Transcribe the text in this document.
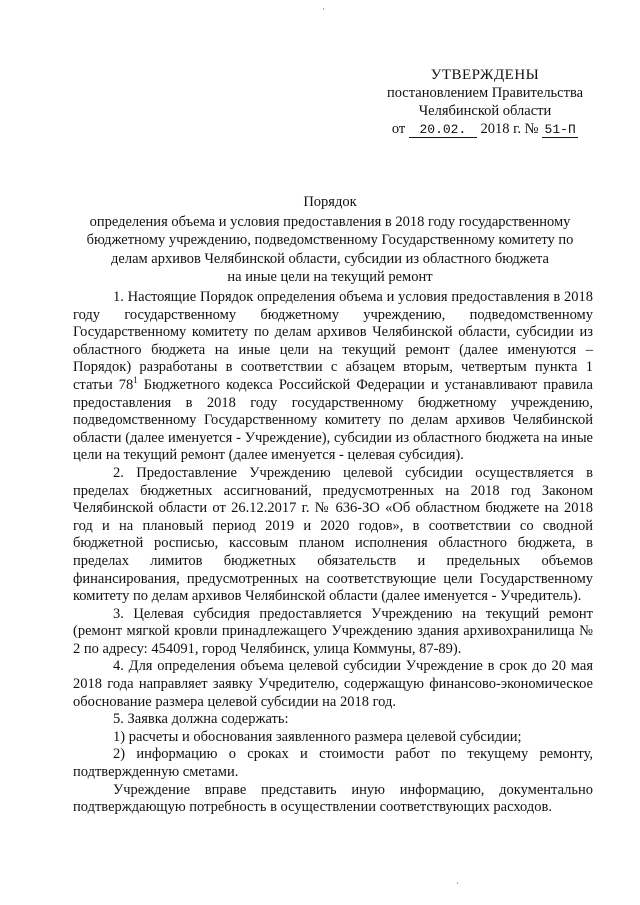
·
УТВЕРЖДЕНЫ
постановлением Правительства
Челябинской области
от 20.02. 2018 г. № 51-П
Порядок
определения объема и условия предоставления в 2018 году государственному
бюджетному учреждению, подведомственному Государственному комитету по
делам архивов Челябинской области, субсидии из областного бюджета
на иные цели на текущий ремонт

1. Настоящие Порядок определения объема и условия предоставления в 2018 году государственному бюджетному учреждению, подведомственному Государственному комитету по делам архивов Челябинской области, субсидии из областного бюджета на иные цели на текущий ремонт (далее именуются – Порядок) разработаны в соответствии с абзацем вторым, четвертым пункта 1 статьи $78^1$ Бюджетного кодекса Российской Федерации и устанавливают правила предоставления в 2018 году государственному бюджетному учреждению, подведомственному Государственному комитету по делам архивов Челябинской области (далее именуется - Учреждение), субсидии из областного бюджета на иные цели на текущий ремонт (далее именуется - целевая субсидия).

2. Предоставление Учреждению целевой субсидии осуществляется в пределах бюджетных ассигнований, предусмотренных на 2018 год Законом Челябинской области от 26.12.2017 г. № 636-ЗО «Об областном бюджете на 2018 год и на плановый период 2019 и 2020 годов», в соответствии со сводной бюджетной росписью, кассовым планом исполнения областного бюджета, в пределах лимитов бюджетных обязательств и предельных объемов финансирования, предусмотренных на соответствующие цели Государственному комитету по делам архивов Челябинской области (далее именуется - Учредитель).

3. Целевая субсидия предоставляется Учреждению на текущий ремонт (ремонт мягкой кровли принадлежащего Учреждению здания архивохранилища № 2 по адресу: 454091, город Челябинск, улица Коммуны, 87-89).

4. Для определения объема целевой субсидии Учреждение в срок до 20 мая 2018 года направляет заявку Учредителю, содержащую финансово-экономическое обоснование размера целевой субсидии на 2018 год.

5. Заявка должна содержать:

1) расчеты и обоснования заявленного размера целевой субсидии;

2) информацию о сроках и стоимости работ по текущему ремонту, подтвержденную сметами.

Учреждение вправе представить иную информацию, документально подтверждающую потребность в осуществлении соответствующих расходов.

·
